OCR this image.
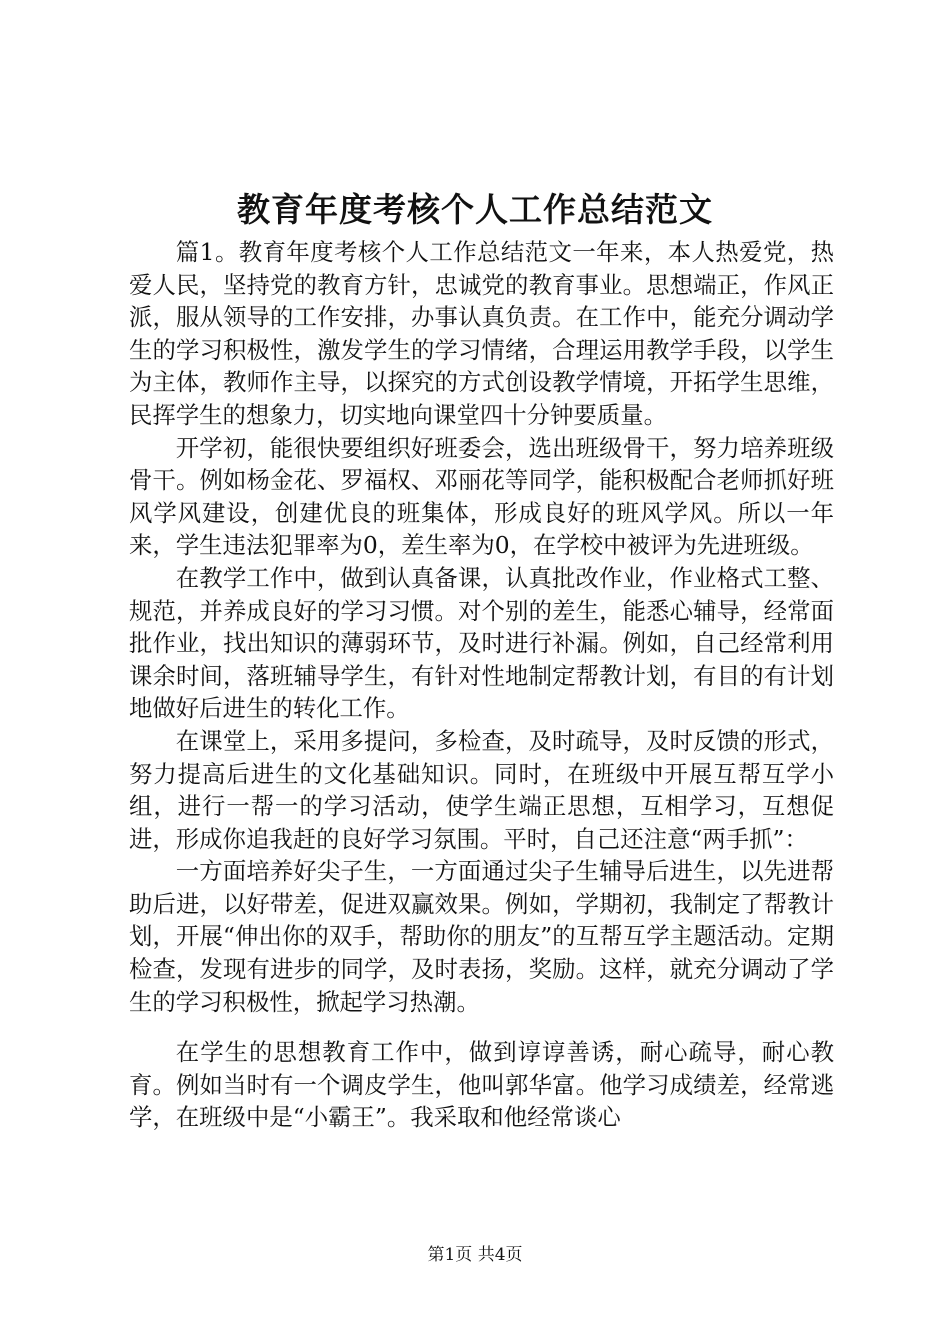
教育年度考核个人工作总结范文

篇1。教育年度考核个人工作总结范文一年来，本人热爱党，热爱人民，坚持党的教育方针，忠诚党的教育事业。思想端正，作风正派，服从领导的工作安排，办事认真负责。在工作中，能充分调动学生的学习积极性，激发学生的学习情绪，合理运用教学手段，以学生为主体，教师作主导，以探究的方式创设教学情境，开拓学生思维，民挥学生的想象力，切实地向课堂四十分钟要质量。

开学初，能很快要组织好班委会，选出班级骨干，努力培养班级骨干。例如杨金花、罗福权、邓丽花等同学，能积极配合老师抓好班风学风建设，创建优良的班集体，形成良好的班风学风。所以一年来，学生违法犯罪率为0，差生率为0，在学校中被评为先进班级。

在教学工作中，做到认真备课，认真批改作业，作业格式工整、规范，并养成良好的学习习惯。对个别的差生，能悉心辅导，经常面批作业，找出知识的薄弱环节，及时进行补漏。例如，自己经常利用课余时间，落班辅导学生，有针对性地制定帮教计划，有目的有计划地做好后进生的转化工作。

在课堂上，采用多提问，多检查，及时疏导，及时反馈的形式，努力提高后进生的文化基础知识。同时，在班级中开展互帮互学小组，进行一帮一的学习活动，使学生端正思想，互相学习，互想促进，形成你追我赶的良好学习氛围。平时，自己还注意“两手抓”：

一方面培养好尖子生，一方面通过尖子生辅导后进生，以先进帮助后进，以好带差，促进双赢效果。例如，学期初，我制定了帮教计划，开展“伸出你的双手，帮助你的朋友”的互帮互学主题活动。定期检查，发现有进步的同学，及时表扬，奖励。这样，就充分调动了学生的学习积极性，掀起学习热潮。

在学生的思想教育工作中，做到谆谆善诱，耐心疏导，耐心教育。例如当时有一个调皮学生，他叫郭华富。他学习成绩差，经常逃学，在班级中是“小霸王”。我采取和他经常谈心

第1页 共4页
